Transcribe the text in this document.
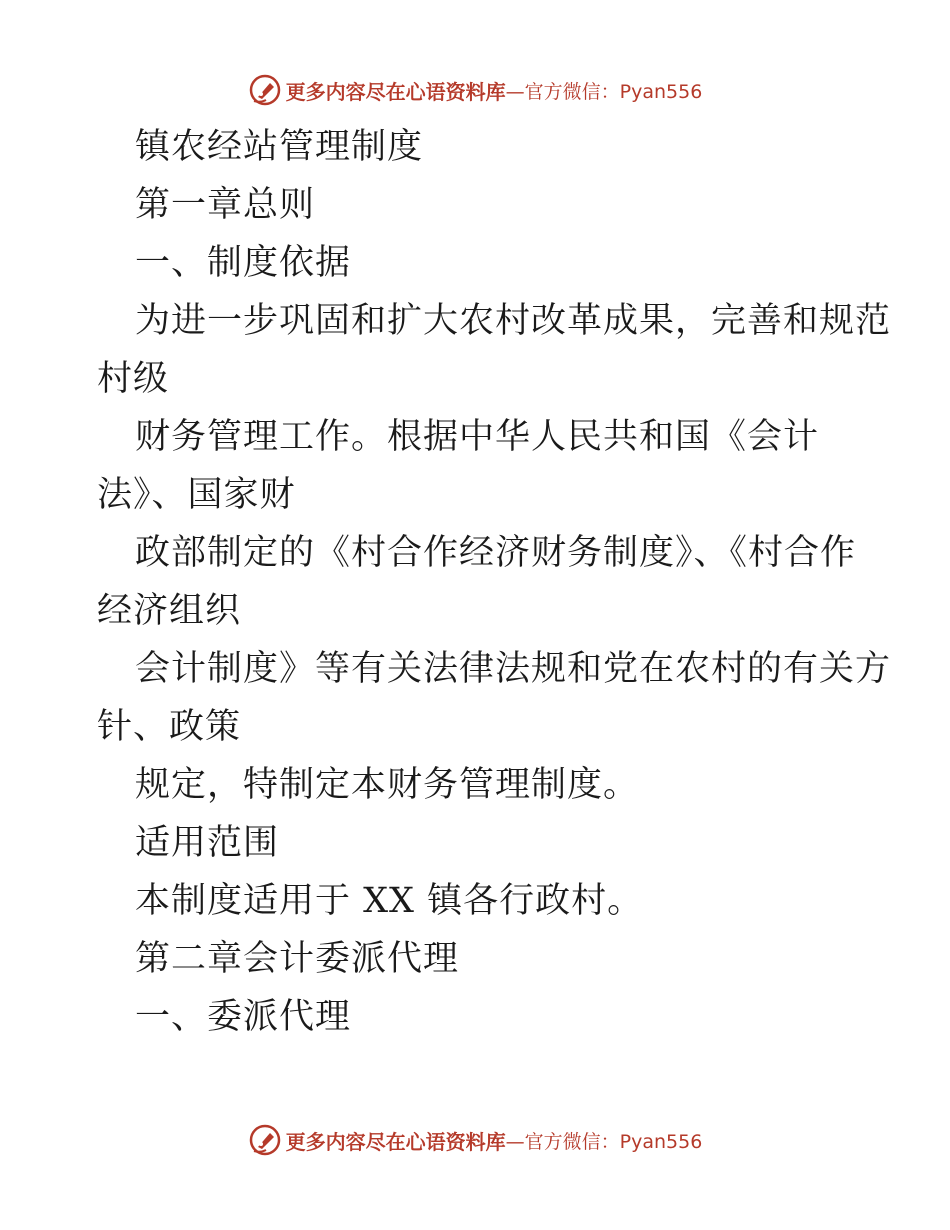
更多内容尽在心语资料库 —官方微信：Pyan556
镇农经站管理制度
第一章总则
一、制度依据
为进一步巩固和扩大农村改革成果，完善和规范
村级
财务管理工作。根据中华人民共和国《会计
法》、国家财
政部制定的《村合作经济财务制度》、《村合作
经济组织
会计制度》等有关法律法规和党在农村的有关方
针、政策
规定，特制定本财务管理制度。
适用范围
本制度适用于 XX 镇各行政村。
第二章会计委派代理
一、委派代理
更多内容尽在心语资料库 —官方微信：Pyan556
